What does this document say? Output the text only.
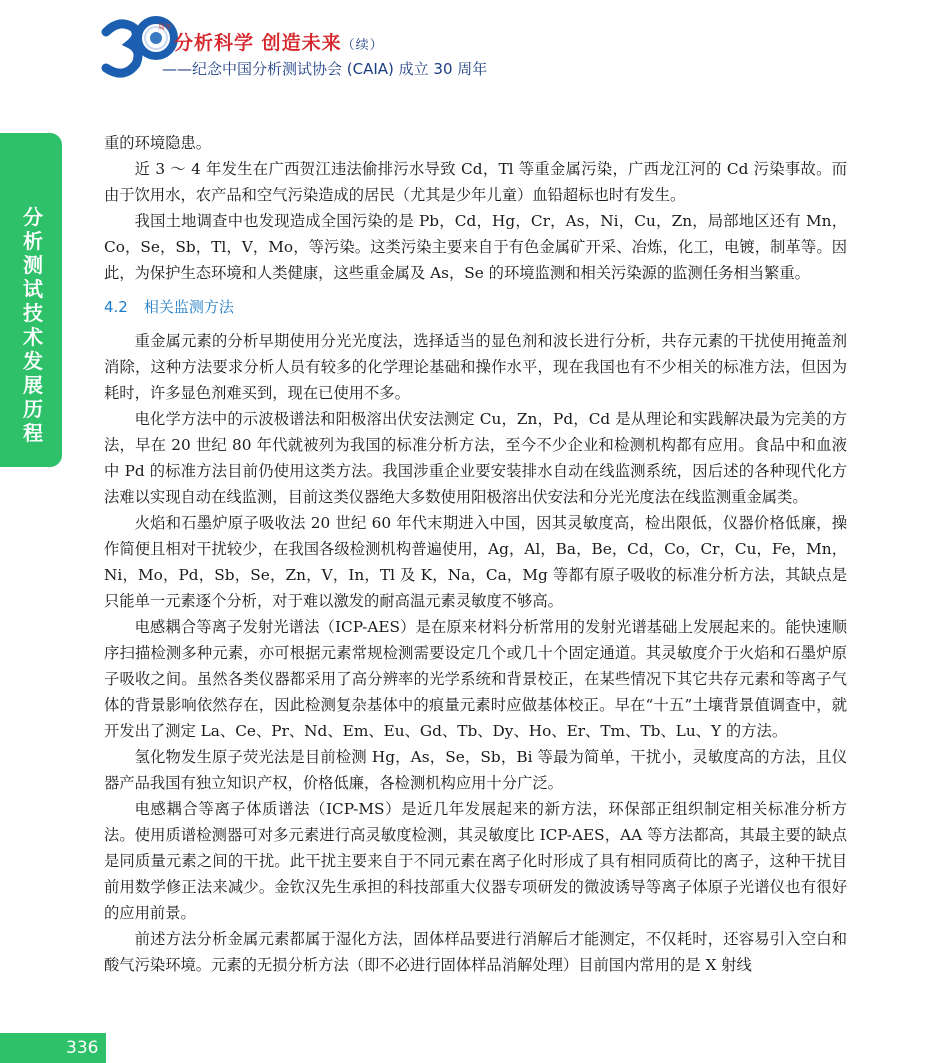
30
周年
分析科学 创造未来（续）
——纪念中国分析测试协会 (CAIA) 成立 30 周年
分析测试技术发展历程
336

重的环境隐患。

近 3 ～ 4 年发生在广西贺江违法偷排污水导致 Cd，Tl 等重金属污染，广西龙江河的 Cd 污染事故。而由于饮用水，农产品和空气污染造成的居民（尤其是少年儿童）血铅超标也时有发生。

我国土地调查中也发现造成全国污染的是 Pb，Cd，Hg，Cr，As，Ni，Cu，Zn，局部地区还有 Mn，Co，Se，Sb，Tl，V，Mo，等污染。这类污染主要来自于有色金属矿开采、冶炼，化工，电镀，制革等。因此，为保护生态环境和人类健康，这些重金属及 As，Se 的环境监测和相关污染源的监测任务相当繁重。

4.2 相关监测方法

重金属元素的分析早期使用分光光度法，选择适当的显色剂和波长进行分析，共存元素的干扰使用掩盖剂消除，这种方法要求分析人员有较多的化学理论基础和操作水平，现在我国也有不少相关的标准方法，但因为耗时，许多显色剂难买到，现在已使用不多。

电化学方法中的示波极谱法和阳极溶出伏安法测定 Cu，Zn，Pd，Cd 是从理论和实践解决最为完美的方法，早在 20 世纪 80 年代就被列为我国的标准分析方法，至今不少企业和检测机构都有应用。食品中和血液中 Pd 的标准方法目前仍使用这类方法。我国涉重企业要安装排水自动在线监测系统，因后述的各种现代化方法难以实现自动在线监测，目前这类仪器绝大多数使用阳极溶出伏安法和分光光度法在线监测重金属类。

火焰和石墨炉原子吸收法 20 世纪 60 年代末期进入中国，因其灵敏度高，检出限低，仪器价格低廉，操作简便且相对干扰较少，在我国各级检测机构普遍使用，Ag，Al，Ba，Be，Cd，Co，Cr，Cu，Fe，Mn，Ni，Mo，Pd，Sb，Se，Zn，V，In，Tl 及 K，Na，Ca，Mg 等都有原子吸收的标准分析方法，其缺点是只能单一元素逐个分析，对于难以激发的耐高温元素灵敏度不够高。

电感耦合等离子发射光谱法（ICP-AES）是在原来材料分析常用的发射光谱基础上发展起来的。能快速顺序扫描检测多种元素，亦可根据元素常规检测需要设定几个或几十个固定通道。其灵敏度介于火焰和石墨炉原子吸收之间。虽然各类仪器都采用了高分辨率的光学系统和背景校正，在某些情况下其它共存元素和等离子气体的背景影响依然存在，因此检测复杂基体中的痕量元素时应做基体校正。早在“十五”土壤背景值调查中，就开发出了测定 La、Ce、Pr、Nd、Em、Eu、Gd、Tb、Dy、Ho、Er、Tm、Tb、Lu、Y 的方法。

氢化物发生原子荧光法是目前检测 Hg，As，Se，Sb，Bi 等最为简单，干扰小，灵敏度高的方法，且仪器产品我国有独立知识产权，价格低廉，各检测机构应用十分广泛。

电感耦合等离子体质谱法（ICP-MS）是近几年发展起来的新方法，环保部正组织制定相关标准分析方法。使用质谱检测器可对多元素进行高灵敏度检测，其灵敏度比 ICP-AES，AA 等方法都高，其最主要的缺点是同质量元素之间的干扰。此干扰主要来自于不同元素在离子化时形成了具有相同质荷比的离子，这种干扰目前用数学修正法来减少。金钦汉先生承担的科技部重大仪器专项研发的微波诱导等离子体原子光谱仪也有很好的应用前景。

前述方法分析金属元素都属于湿化方法，固体样品要进行消解后才能测定，不仅耗时，还容易引入空白和酸气污染环境。元素的无损分析方法（即不必进行固体样品消解处理）目前国内常用的是 X 射线
